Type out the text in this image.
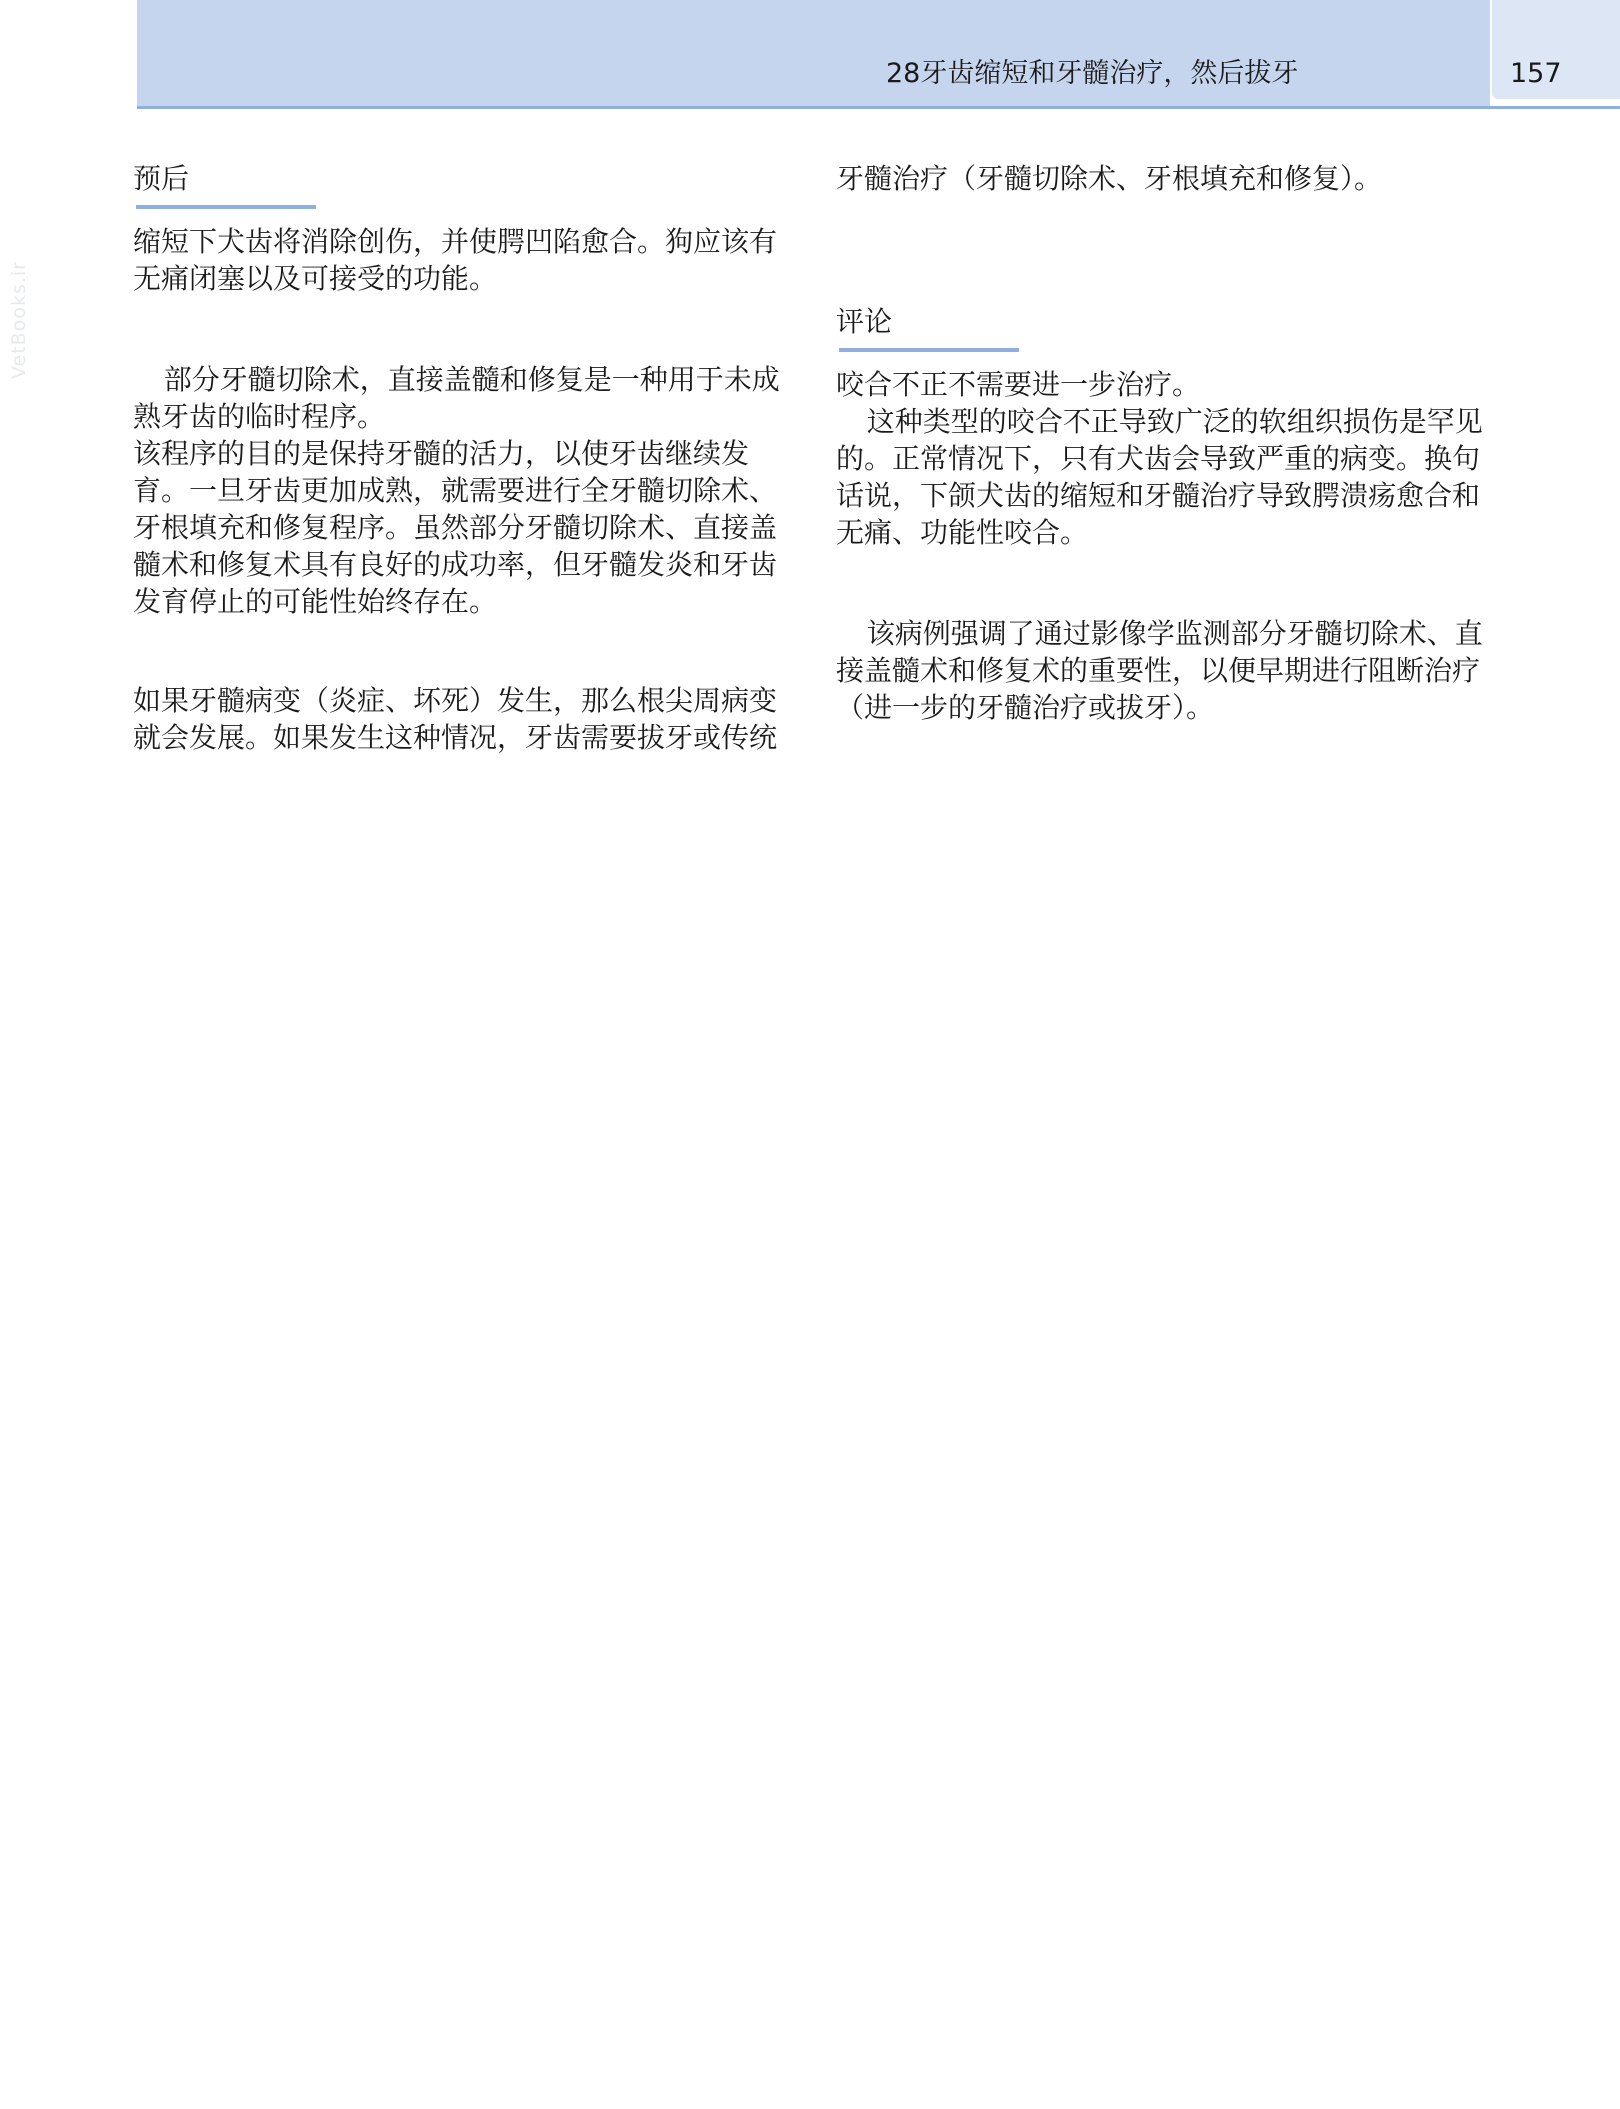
28牙齿缩短和牙髓治疗，然后拔牙	157
VetBooks.ir
预后

缩短下犬齿将消除创伤，并使腭凹陷愈合。狗应该有无痛闭塞以及可接受的功能。

部分牙髓切除术，直接盖髓和修复是一种用于未成熟牙齿的临时程序。

该程序的目的是保持牙髓的活力，以使牙齿继续发育。一旦牙齿更加成熟，就需要进行全牙髓切除术、牙根填充和修复程序。虽然部分牙髓切除术、直接盖髓术和修复术具有良好的成功率，但牙髓发炎和牙齿发育停止的可能性始终存在。

如果牙髓病变（炎症、坏死）发生，那么根尖周病变就会发展。如果发生这种情况，牙齿需要拔牙或传统

牙髓治疗（牙髓切除术、牙根填充和修复）。

评论

咬合不正不需要进一步治疗。

这种类型的咬合不正导致广泛的软组织损伤是罕见的。正常情况下，只有犬齿会导致严重的病变。换句话说，下颌犬齿的缩短和牙髓治疗导致腭溃疡愈合和无痛、功能性咬合。

该病例强调了通过影像学监测部分牙髓切除术、直接盖髓术和修复术的重要性，以便早期进行阻断治疗（进一步的牙髓治疗或拔牙）。
